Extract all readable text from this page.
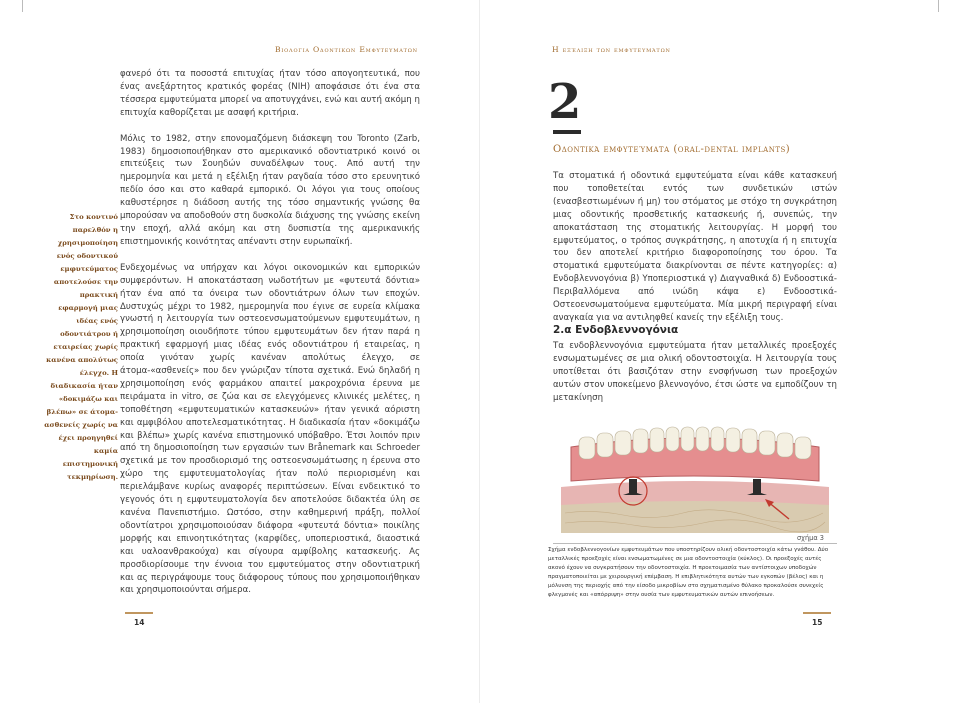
Βιολογια Οδοντικων Εμφυτευματων
Στο κοντινό παρελθόν η χρησιμοποίηση ενός οδοντικού εμφυτεύματος αποτελούσε την πρακτική εφαρμογή μιας ιδέας ενός οδοντιάτρου ή εταιρείας χωρίς κανένα απολύτως έλεγχο. Η διαδικασία ήταν «δοκιμάζω και βλέπω» σε άτομα-ασθενείς χωρίς να έχει προηγηθεί καμία επιστημονική τεκμηρίωση.

φανερό ότι τα ποσοστά επιτυχίας ήταν τόσο απογοητευτικά, που ένας ανεξάρτητος κρατικός φορέας (ΝΙΗ) αποφάσισε ότι ένα στα τέσσερα εμφυτεύματα μπορεί να αποτυγχάνει, ενώ και αυτή ακόμη η επιτυχία καθορίζεται με ασαφή κριτήρια.

Μόλις το 1982, στην επονομαζόμενη διάσκεψη του Toronto (Zarb, 1983) δημοσιοποιήθηκαν στο αμερικανικό οδοντιατρικό κοινό οι επιτεύξεις των Σουηδών συναδέλφων τους. Από αυτή την ημερομηνία και μετά η εξέλιξη ήταν ραγδαία τόσο στο ερευνητικό πεδίο όσο και στο καθαρά εμπορικό. Οι λόγοι για τους οποίους καθυστέρησε η διάδοση αυτής της τόσο σημαντικής γνώσης θα μπορούσαν να αποδοθούν στη δυσκολία διάχυσης της γνώσης εκείνη την εποχή, αλλά ακόμη και στη δυσπιστία της αμερικανικής επιστημονικής κοινότητας απέναντι στην ευρωπαϊκή.

Ενδεχομένως να υπήρχαν και λόγοι οικονομικών και εμπορικών συμφερόντων. Η αποκατάσταση νωδοτήτων με «φυτευτά δόντια» ήταν ένα από τα όνειρα των οδοντιάτρων όλων των εποχών. Δυστυχώς μέχρι το 1982, ημερομηνία που έγινε σε ευρεία κλίμακα γνωστή η λειτουργία των οστεοενσωματούμενων εμφυτευμάτων, η χρησιμοποίηση οιουδήποτε τύπου εμφυτευμάτων δεν ήταν παρά η πρακτική εφαρμογή μιας ιδέας ενός οδοντιάτρου ή εταιρείας, η οποία γινόταν χωρίς κανέναν απολύτως έλεγχο, σε άτομα-«ασθενείς» που δεν γνώριζαν τίποτα σχετικά. Ενώ δηλαδή η χρησιμοποίηση ενός φαρμάκου απαιτεί μακροχρόνια έρευνα με πειράματα in vitro, σε ζώα και σε ελεγχόμενες κλινικές μελέτες, η τοποθέτηση «εμφυτευματικών κατασκευών» ήταν γενικά αόριστη και αμφιβόλου αποτελεσματικότητας. Η διαδικασία ήταν «δοκιμάζω και βλέπω» χωρίς κανένα επιστημονικό υπόβαθρο. Έτσι λοιπόν πριν από τη δημοσιοποίηση των εργασιών των Brånemark και Schroeder σχετικά με τον προσδιορισμό της οστεοενσωμάτωσης η έρευνα στο χώρο της εμφυτευματολογίας ήταν πολύ περιορισμένη και περιελάμβανε κυρίως αναφορές περιπτώσεων. Είναι ενδεικτικό το γεγονός ότι η εμφυτευματολογία δεν αποτελούσε διδακτέα ύλη σε κανένα Πανεπιστήμιο. Ωστόσο, στην καθημερινή πράξη, πολλοί οδοντίατροι χρησιμοποιούσαν διάφορα «φυτευτά δόντια» ποικίλης μορφής και επινοητικότητας (καρφίδες, υποπεριοστικά, διαοστικά και υαλοανθρακούχα) και σίγουρα αμφίβολης κατασκευής. Ας προσδιορίσουμε την έννοια του εμφυτεύματος στην οδοντιατρική και ας περιγράψουμε τους διάφορους τύπους που χρησιμοποιήθηκαν και χρησιμοποιούνται σήμερα.

14
Η εξέλιξη των εμφυτευμάτων
2
Οδοντικά εμφυτεύματα (oral-dental implants)

Τα στοματικά ή οδοντικά εμφυτεύματα είναι κάθε κατασκευή που τοποθετείται εντός των συνδετικών ιστών (ενασβεστιωμένων ή μη) του στόματος με στόχο τη συγκράτηση μιας οδοντικής προσθετικής κατασκευής ή, συνεπώς, την αποκατάσταση της στοματικής λειτουργίας. Η μορφή του εμφυτεύματος, ο τρόπος συγκράτησης, η αποτυχία ή η επιτυχία του δεν αποτελεί κριτήριο διαφοροποίησης του όρου. Τα στοματικά εμφυτεύματα διακρίνονται σε πέντε κατηγορίες: α) Ενδοβλεννογόνια β) Υποπεριοστικά γ) Διαγναθικά δ) Ενδοοστικά-Περιβαλλόμενα από ινώδη κάψα ε) Ενδοοστικά-Οστεοενσωματούμενα εμφυτεύματα. Μία μικρή περιγραφή είναι αναγκαία για να αντιληφθεί κανείς την εξέλιξη τους.

2.α Ενδοβλεννογόνια

Τα ενδοβλεννογόνια εμφυτεύματα ήταν μεταλλικές προεξοχές ενσωματωμένες σε μια ολική οδοντοστοιχία. Η λειτουργία τους υποτίθεται ότι βασιζόταν στην ενσφήνωση των προεξοχών αυτών στον υποκείμενο βλεννογόνο, έτσι ώστε να εμποδίζουν τη μετακίνηση

σχήμα 3
Σχήμα ενδοβλεννογονίων εμφυτευμάτων που υποστηρίζουν ολική οδοντοστοιχία κάτω γνάθου. Δύο μεταλλικές προεξοχές είναι ενσωματωμένες σε μια οδοντοστοιχία (κύκλος). Οι προεξοχές αυτές ακονό έχουν να συγκρατήσουν την οδοντοστοιχία. Η προετοιμασία των αντίστοιχων υποδοχών πραγματοποιείται με χειρουργική επέμβαση. Η επιβλητικότητα αυτών των εγκοπών (βέλος) και η μόλυνση της περιοχής από την είσοδο μικροβίων στο σχηματισμένο θύλακο προκαλούσε συνεχείς φλεγμονές και «απόρριψη» στην ουσία των εμφυτευματικών αυτών επινοήσεων.
15
